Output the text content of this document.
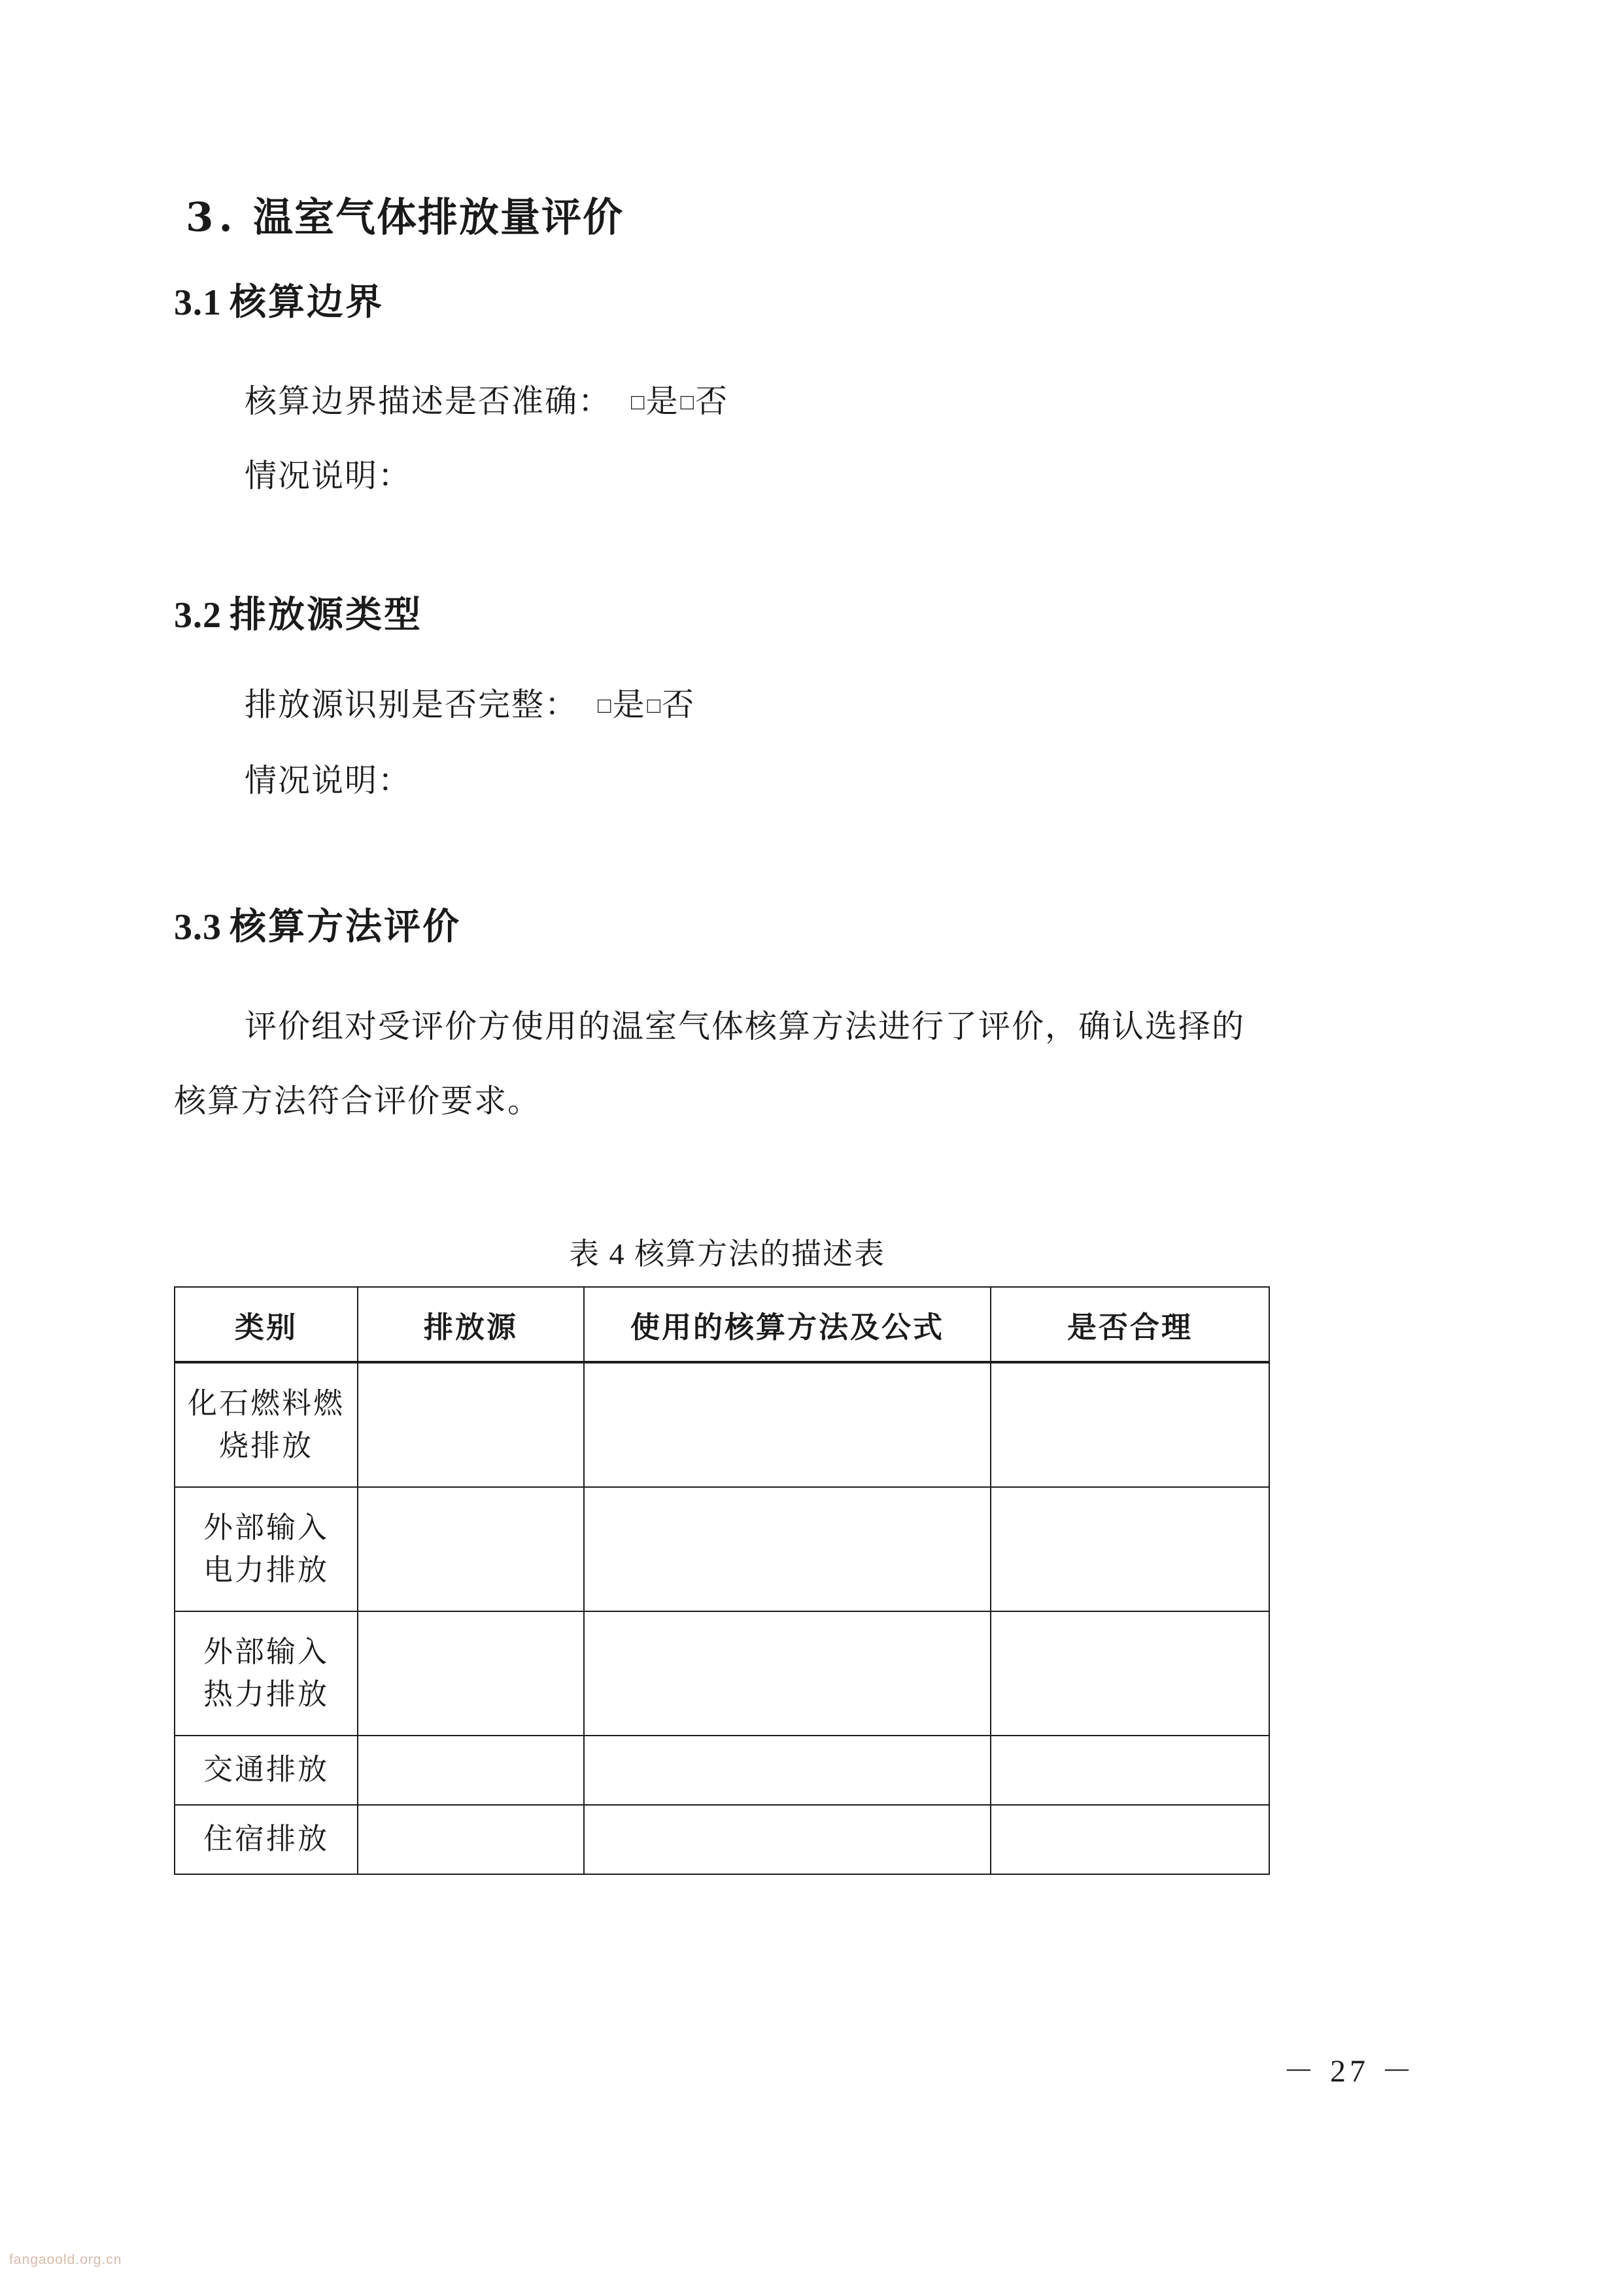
3. 温室气体排放量评价
3.1 核算边界

核算边界描述是否准确： □是□否

情况说明：

3.2 排放源类型

排放源识别是否完整： □是□否

情况说明：

3.3 核算方法评价

评价组对受评价方使用的温室气体核算方法进行了评价，确认选择的

核算方法符合评价要求。

表 4 核算方法的描述表
类别	排放源	使用的核算方法及公式	是否合理

化石燃料燃
烧排放			

外部输入
电力排放			

外部输入
热力排放			

交通排放			

住宿排放			

－ 27 －
fangaoold.org.cn
